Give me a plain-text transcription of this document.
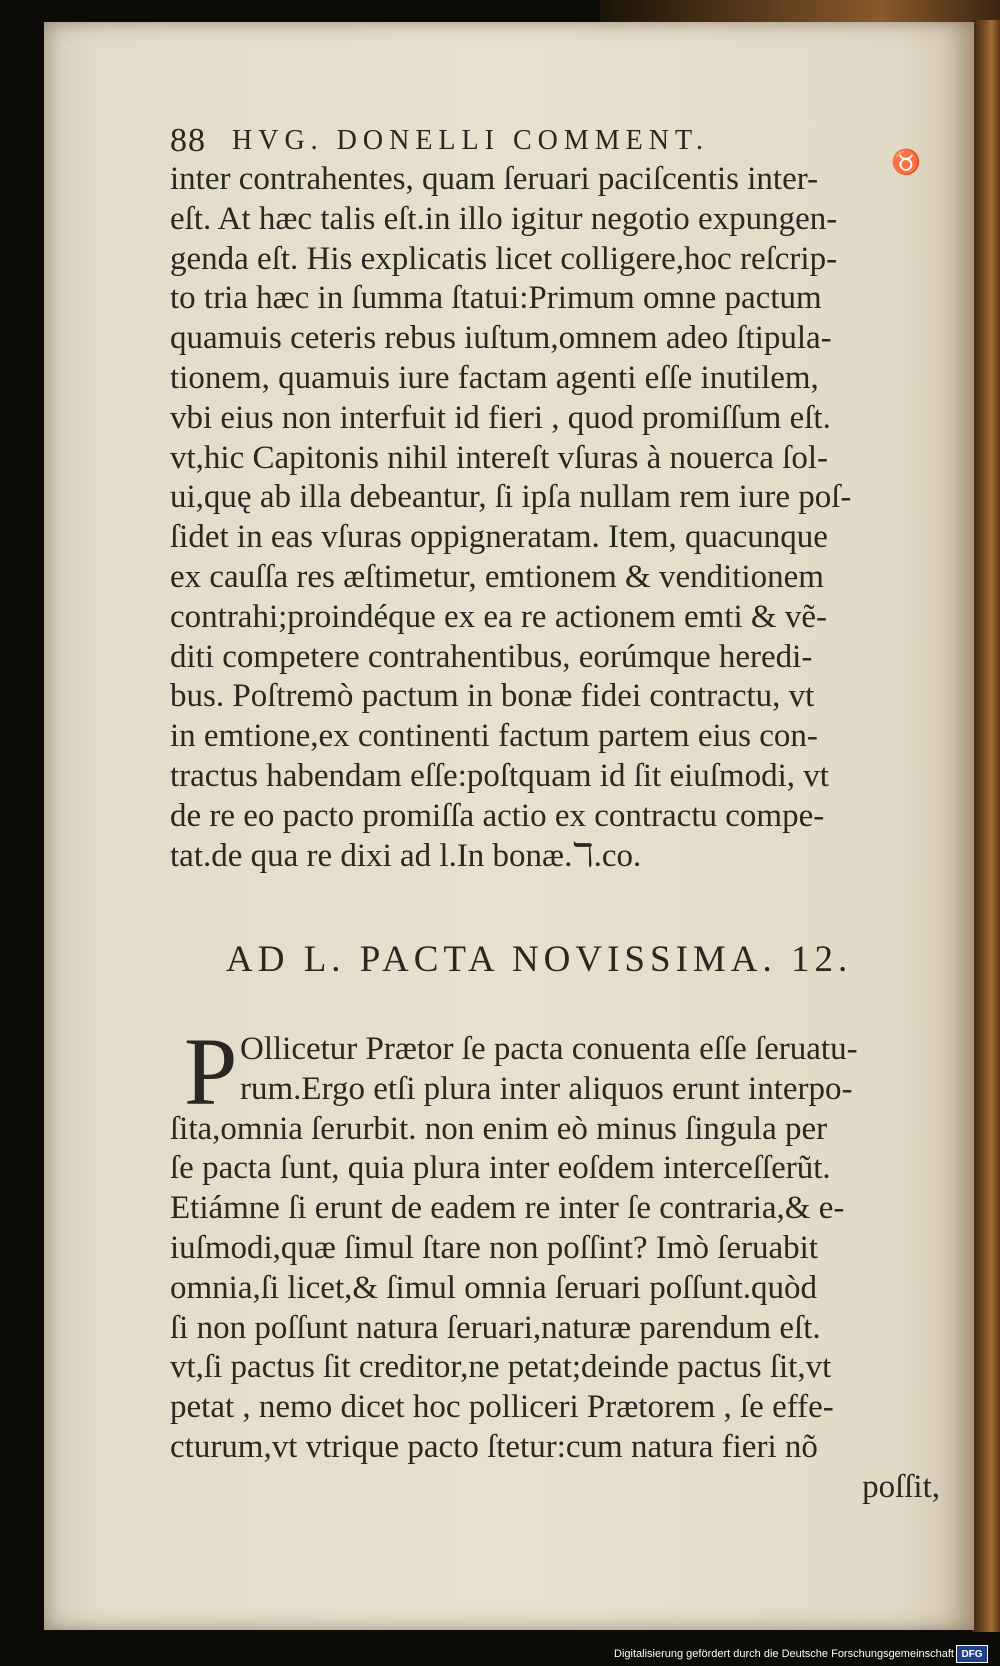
88 HVG. DONELLI COMMENT.
♉
inter contrahentes, quam ſeruari paciſcentis inter-
eſt. At hæc talis eſt.in illo igitur negotio expungen-
genda eſt. His explicatis licet colligere,hoc reſcrip-
to tria hæc in ſumma ſtatui:Primum omne pactum
quamuis ceteris rebus iuſtum,omnem adeo ſtipula-
tionem, quamuis iure factam agenti eſſe inutilem,
vbi eius non interfuit id fieri , quod promiſſum eſt.
vt,hic Capitonis nihil intereſt vſuras à nouerca ſol-
ui,quę ab illa debeantur, ſi ipſa nullam rem iure poſ-
ſidet in eas vſuras oppigneratam. Item, quacunque
ex cauſſa res æſtimetur, emtionem & venditionem
contrahi;proindéque ex ea re actionem emti & vẽ-
diti competere contrahentibus, eorúmque heredi-
bus. Poſtremò pactum in bonæ fidei contractu, vt
in emtione,ex continenti factum partem eius con-
tractus habendam eſſe:poſtquam id ſit eiuſmodi, vt
de re eo pacto promiſſa actio ex contractu compe-
tat.de qua re dixi ad l.In bonæ.ℸ.co.
AD L. PACTA NOVISSIMA. 12.
P Ollicetur Prætor ſe pacta conuenta eſſe ſeruatu-
rum.Ergo etſi plura inter aliquos erunt interpo-
ſita,omnia ſerurbit. non enim eò minus ſingula per
ſe pacta ſunt, quia plura inter eoſdem interceſſerũt.
Etiámne ſi erunt de eadem re inter ſe contraria,& e-
iuſmodi,quæ ſimul ſtare non poſſint? Imò ſeruabit
omnia,ſi licet,& ſimul omnia ſeruari poſſunt.quòd
ſi non poſſunt natura ſeruari,naturæ parendum eſt.
vt,ſi pactus ſit creditor,ne petat;deinde pactus ſit,vt
petat , nemo dicet hoc polliceri Prætorem , ſe effe-
cturum,vt vtrique pacto ſtetur:cum natura fieri nõ
poſſit,
Digitalisierung gefördert durch die Deutsche Forschungsgemeinschaft DFG
